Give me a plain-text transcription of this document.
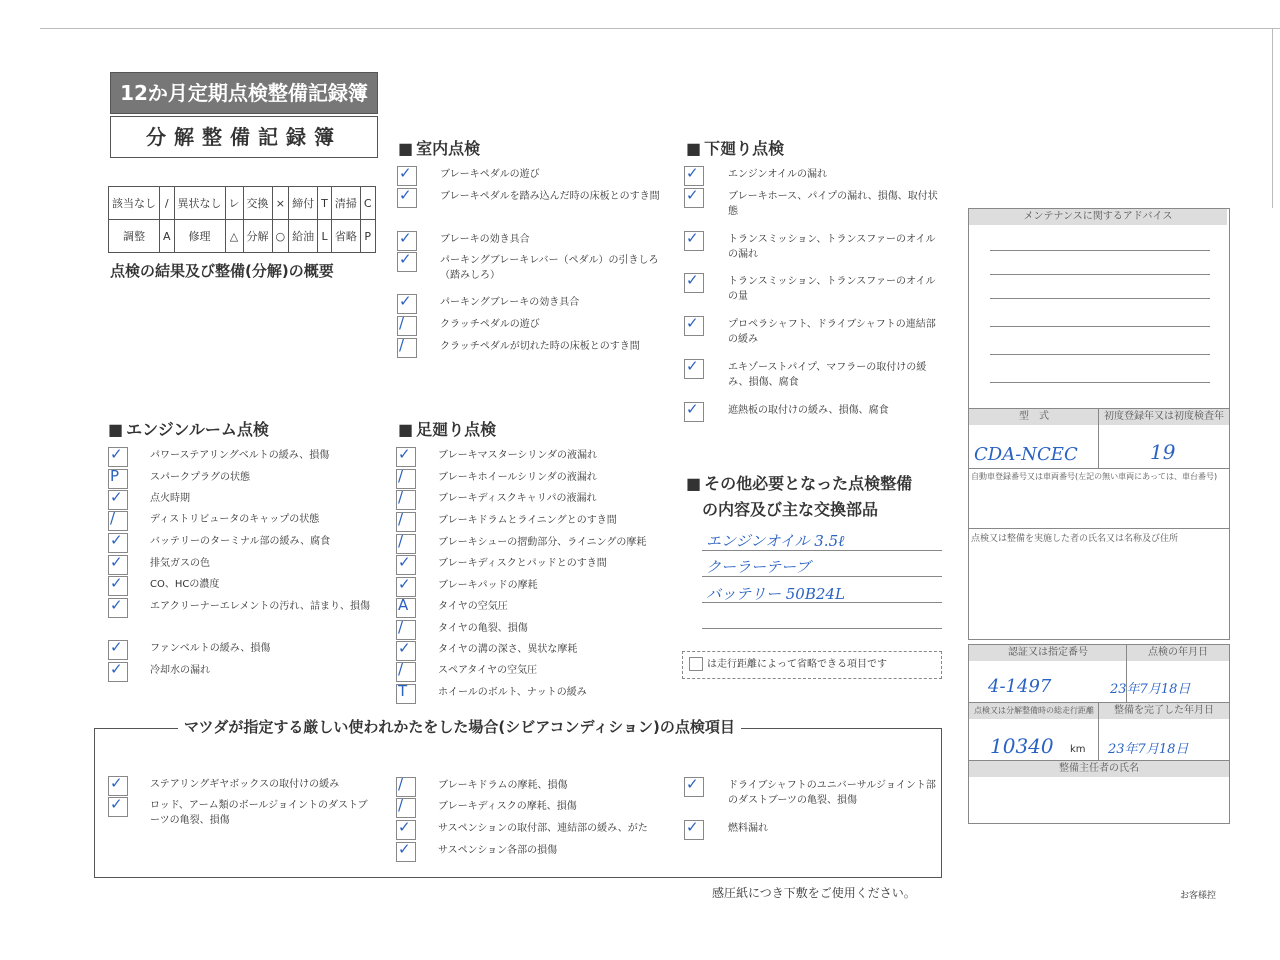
12か月定期点検整備記録簿
分解整備記録簿
該当なし	/	異状なし	レ	交換	×	締付	T	清掃	C
調整	A	修理	△	分解	○	給油	L	省略	P
点検の結果及び整備(分解)の概要
■ 室内点検	■ 下廻り点検
■ エンジンルーム点検	■ 足廻り点検
■ その他必要となった点検整備
の内容及び主な交換部品
✓	ブレーキペダルの遊び
✓	ブレーキペダルを踏み込んだ時の床板とのすき間
✓	ブレーキの効き具合
✓	パーキングブレーキレバー（ペダル）の引きしろ（踏みしろ）
✓	パーキングブレーキの効き具合
/	クラッチペダルの遊び
/	クラッチペダルが切れた時の床板とのすき間
✓	エンジンオイルの漏れ
✓	ブレーキホース、パイプの漏れ、損傷、取付状態
✓	トランスミッション、トランスファーのオイルの漏れ
✓	トランスミッション、トランスファーのオイルの量
✓	プロペラシャフト、ドライブシャフトの連結部の緩み
✓	エキゾーストパイプ、マフラーの取付けの緩み、損傷、腐食
✓	遮熱板の取付けの緩み、損傷、腐食
✓	パワーステアリングベルトの緩み、損傷
P	スパークプラグの状態
✓	点火時期
/	ディストリビュータのキャップの状態
✓	バッテリーのターミナル部の緩み、腐食
✓	排気ガスの色
✓	CO、HCの濃度
✓	エアクリーナーエレメントの汚れ、詰まり、損傷
✓	ファンベルトの緩み、損傷
✓	冷却水の漏れ
✓	ブレーキマスターシリンダの液漏れ
/	ブレーキホイールシリンダの液漏れ
/	ブレーキディスクキャリパの液漏れ
/	ブレーキドラムとライニングとのすき間
/	ブレーキシューの摺動部分、ライニングの摩耗
✓	ブレーキディスクとパッドとのすき間
✓	ブレーキパッドの摩耗
A	タイヤの空気圧
/	タイヤの亀裂、損傷
✓	タイヤの溝の深さ、異状な摩耗
/	スペアタイヤの空気圧
T	ホイールのボルト、ナットの緩み
✓	ステアリングギヤボックスの取付けの緩み
✓	ロッド、アーム類のボールジョイントのダストブーツの亀裂、損傷
/	ブレーキドラムの摩耗、損傷
/	ブレーキディスクの摩耗、損傷
✓	サスペンションの取付部、連結部の緩み、がた
✓	サスペンション各部の損傷
✓	ドライブシャフトのユニバーサルジョイント部のダストブーツの亀裂、損傷
✓	燃料漏れ
エンジンオイル 3.5ℓ
クーラーテーブ
バッテリー 50B24L
は走行距離によって省略できる項目です
メンテナンスに関するアドバイス
型　式	初度登録年又は初度検査年
CDA-NCEC	19
自動車登録番号又は車両番号(左記の無い車両にあっては、車台番号)
点検又は整備を実施した者の氏名又は名称及び住所
認証又は指定番号	点検の年月日
4-1497	23年7月18日
点検又は分解整備時の総走行距離	整備を完了した年月日
10340 km 23年7月18日
整備主任者の氏名
マツダが指定する厳しい使われかたをした場合(シビアコンディション)の点検項目
感圧紙につき下敷をご使用ください。	お客様控
